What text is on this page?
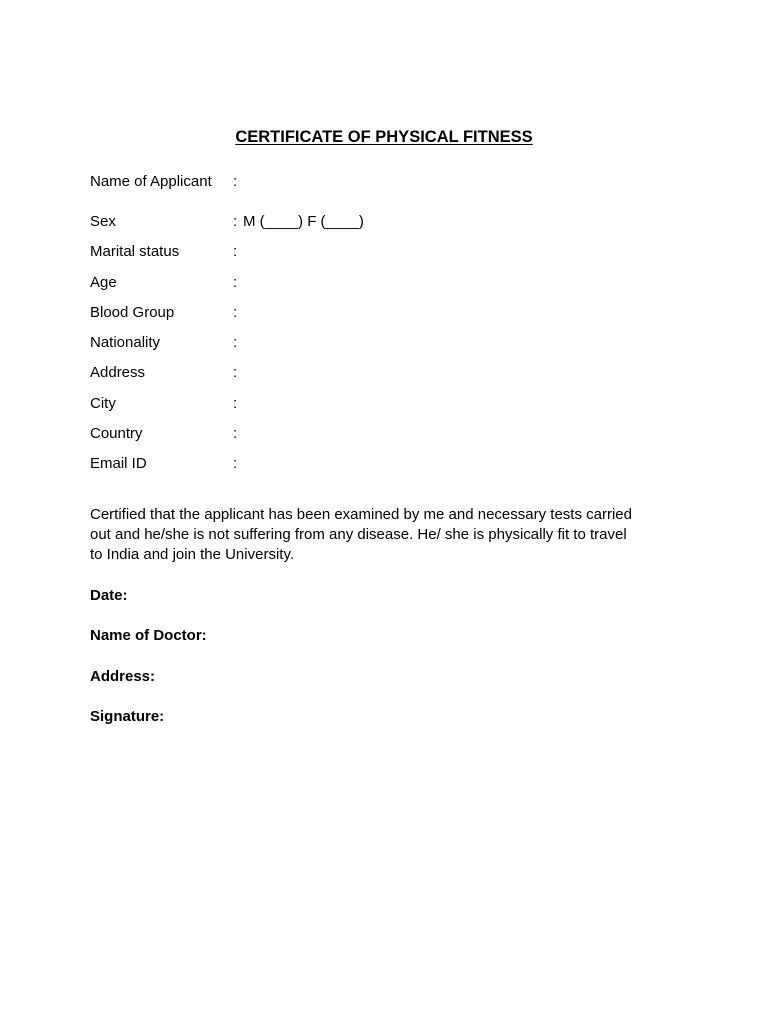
CERTIFICATE OF PHYSICAL FITNESS
Name of Applicant :
Sex	: M (____) F (____)
Marital status	:
Age	:
Blood Group	:
Nationality	:
Address	:
City	:
Country	:
Email ID	:

Certified that the applicant has been examined by me and necessary tests carried

out and he/she is not suffering from any disease. He/ she is physically fit to travel

to India and join the University.

Date:
Name of Doctor:
Address:
Signature:
